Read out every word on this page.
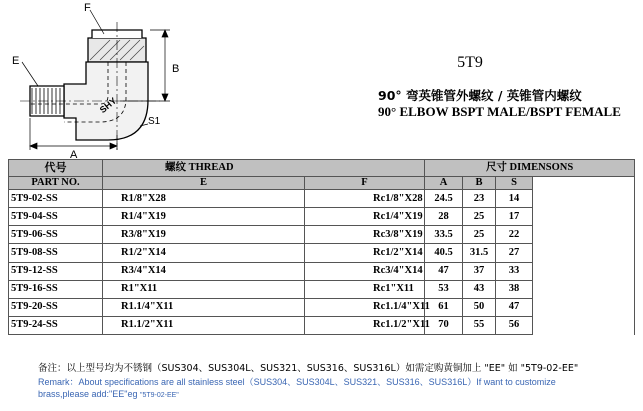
F
E
B
S1
A
SHY
5T9
90° 弯英锥管外螺纹 / 英锥管内螺纹
90° ELBOW BSPT MALE/BSPT FEMALE
代号	螺纹 THREAD		尺寸 DIMENSONS			
PART NO.	E	F	A	B	S	
5T9-02-SS	R1/8"X28	Rc1/8"X28	24.5	23	14	
5T9-04-SS	R1/4"X19	Rc1/4"X19	28	25	17	
5T9-06-SS	R3/8"X19	Rc3/8"X19	33.5	25	22	
5T9-08-SS	R1/2"X14	Rc1/2"X14	40.5	31.5	27	
5T9-12-SS	R3/4"X14	Rc3/4"X14	47	37	33	
5T9-16-SS	R1"X11	Rc1"X11	53	43	38	
5T9-20-SS	R1.1/4"X11	Rc1.1/4"X11	61	50	47	
5T9-24-SS	R1.1/2"X11	Rc1.1/2"X11	70	55	56	
备注：以上型号均为不锈钢（SUS304、SUS304L、SUS321、SUS316、SUS316L）如需定购黄铜加上 "EE" 如 "5T9-02-EE"
Remark：About specifications are all stainless steel（SUS304、SUS304L、SUS321、SUS316、SUS316L）If want to customize
brass,please add:"EE"eg "5T9-02-EE"
